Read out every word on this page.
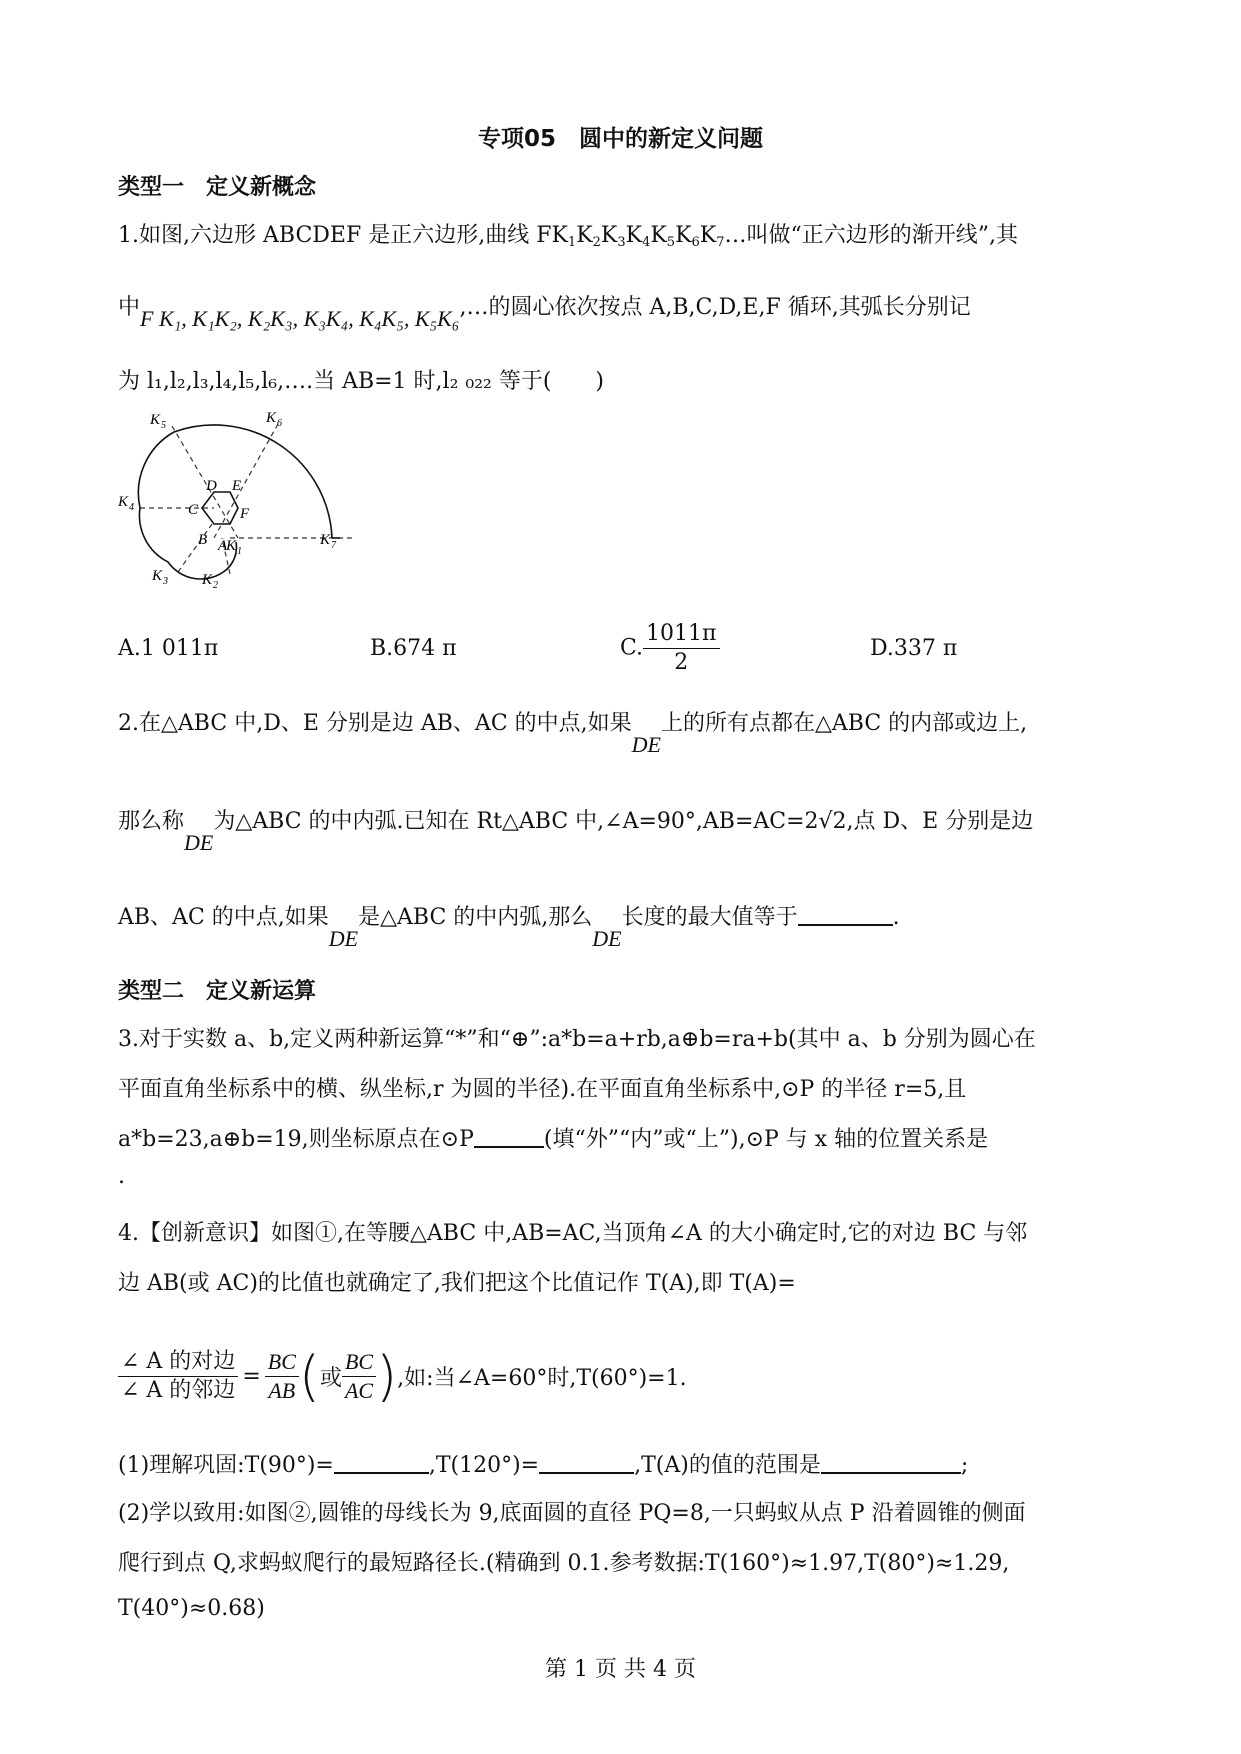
专项05　圆中的新定义问题
类型一　定义新概念
1.如图,六边形 ABCDEF 是正六边形,曲线 FK1K2K3K4K5K6K7…叫做“正六边形的渐开线”,其
中F K₁, K₁K₂, K₂K₃, K₃K₄, K₄K₅, K₅K₆,…的圆心依次按点 A,B,C,D,E,F 循环,其弧长分别记
为 l₁,l₂,l₃,l₄,l₅,l₆,….当 AB=1 时,l₂ ₀₂₂ 等于(　　)
K 5	K 6
K 4
K 7
K 1
K 3 K 2
D E
C	F
B A
A.1 011π	B.674 π	C. $\frac{1011\pi}{2}$	D.337 π
2.在△ABC 中,D、E 分别是边 AB、AC 的中点,如果DE上的所有点都在△ABC 的内部或边上,
那么称DE为△ABC 的中内弧.已知在 Rt△ABC 中,∠A=90°,AB=AC=2√2,点 D、E 分别是边
AB、AC 的中点,如果DE是△ABC 的中内弧,那么DE长度的最大值等于	.
类型二　定义新运算
3.对于实数 a、b,定义两种新运算“*”和“⊕”:a*b=a+rb,a⊕b=ra+b(其中 a、b 分别为圆心在
平面直角坐标系中的横、纵坐标,r 为圆的半径).在平面直角坐标系中,⊙P 的半径 r=5,且
a*b=23,a⊕b=19,则坐标原点在⊙P	(填“外”“内”或“上”),⊙P 与 x 轴的位置关系是
.
4.【创新意识】如图①,在等腰△ABC 中,AB=AC,当顶角∠A 的大小确定时,它的对边 BC 与邻
边 AB(或 AC)的比值也就确定了,我们把这个比值记作 T(A),即 T(A)=
$\frac{\text{∠ A 的对边}}{\text{∠ A 的邻边}} = \frac{BC}{AB}$ ( 或 $\frac{BC}{AC}$ ) ,如:当∠A=60°时,T(60°)=1.
(1)理解巩固:T(90°)=	,T(120°)=	,T(A)的值的范围是	;
(2)学以致用:如图②,圆锥的母线长为 9,底面圆的直径 PQ=8,一只蚂蚁从点 P 沿着圆锥的侧面
爬行到点 Q,求蚂蚁爬行的最短路径长.(精确到 0.1.参考数据:T(160°)≈1.97,T(80°)≈1.29,
T(40°)≈0.68)
第 1 页 共 4 页
